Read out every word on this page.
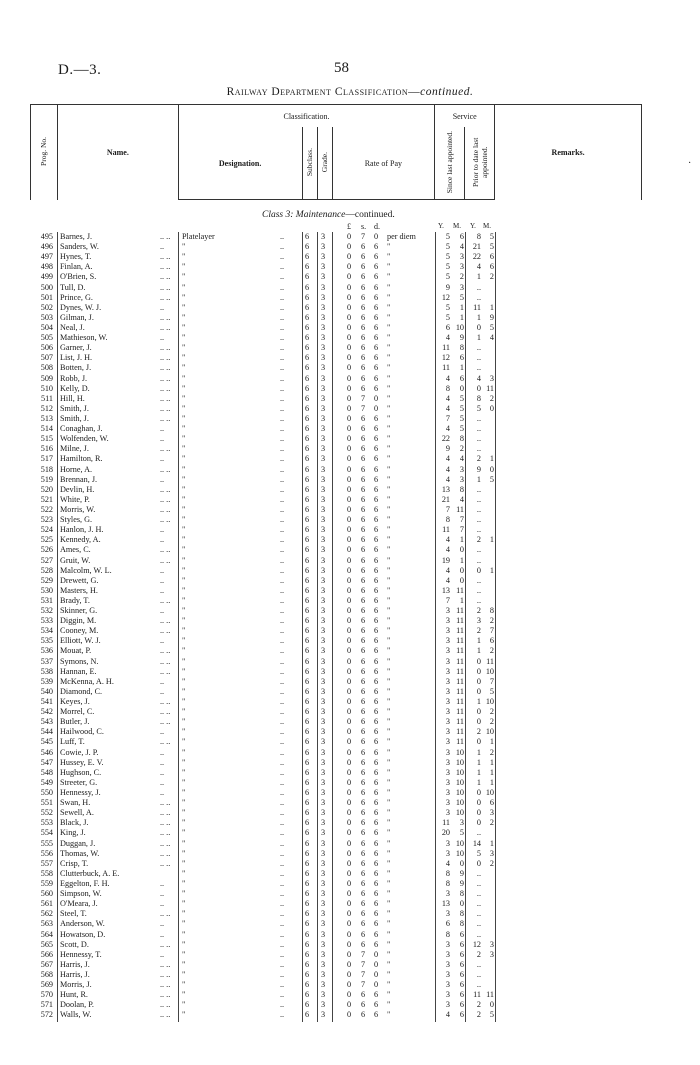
D.—3.	58
Railway Department Classification—continued.
Prog. No.	Name.	Classification.				Service		Remarks.
		Designation.	Subclass.	Grade.	Rate of Pay	Since last appointed.	Prior to date last appointed.	
Class 3: Maintenance—continued.
£ s. d.	Y. M. Y. M.
·
495 Barnes, J.	.. .. Platelayer	..	6 3	0 7 0 per diem	5	6	8	5
496 Sanders, W.	.. "	..	6 3	0 6 6 "	5	4	21	5
497 Hynes, T.	.. .. "	..	6 3	0 6 6 "	5	3	22	6
498 Finlan, A.	.. .. "	..	6 3	0 6 6 "	5	3	4	6
499 O'Brien, S.	.. .. "	..	6 3	0 6 6 "	5	2	1	2
500 Tull, D.	.. .. "	..	6 3	0 6 6 "	9	3	..
501 Prince, G.	.. .. "	..	6 3	0 6 6 "	12	5	..
502 Dynes, W. J.	.. "	..	6 3	0 6 6 "	5	1	11	1
503 Gilman, J.	.. .. "	..	6 3	0 6 6 "	5	1	1	9
504 Neal, J.	.. .. "	..	6 3	0 6 6 "	6 10	0	5
505 Mathieson, W.	.. "	..	6 3	0 6 6 "	4	9	1	4
506 Garner, J.	.. .. "	..	6 3	0 6 6 "	11	8	..
507 List, J. H.	.. .. "	..	6 3	0 6 6 "	12	6	..
508 Botten, J.	.. .. "	..	6 3	0 6 6 "	11	1	..
509 Robb, J.	.. .. "	..	6 3	0 6 6 "	4	6	4	3
510 Kelly, D.	.. .. "	..	6 3	0 6 6 "	8	0	0 11
511 Hill, H.	.. .. "	..	6 3	0 7 0 "	4	5	8	2
512 Smith, J.	.. .. "	..	6 3	0 7 0 "	4	5	5	0
513 Smith, J.	.. .. "	..	6 3	0 6 6 "	7	5	..
514 Conaghan, J.	.. "	..	6 3	0 6 6 "	4	5	..
515 Wolfenden, W.	.. "	..	6 3	0 6 6 "	22	8	..
516 Milne, J.	.. .. "	..	6 3	0 6 6 "	9	2	..
517 Hamilton, R.	.. "	..	6 3	0 6 6 "	4	4	2	1
518 Horne, A.	.. .. "	..	6 3	0 6 6 "	4	3	9	0
519 Brennan, J.	.. "	..	6 3	0 6 6 "	4	3	1	5
520 Devlin, H.	.. .. "	..	6 3	0 6 6 "	13	8	..
521 White, P.	.. .. "	..	6 3	0 6 6 "	21	4	..
522 Morris, W.	.. .. "	..	6 3	0 6 6 "	7 11	..
523 Styles, G.	.. .. "	..	6 3	0 6 6 "	8	7	..
524 Hanlon, J. H.	.. "	..	6 3	0 6 6 "	11	7	..
525 Kennedy, A.	.. "	..	6 3	0 6 6 "	4	1	2	1
526 Ames, C.	.. .. "	..	6 3	0 6 6 "	4	0	..
527 Gruit, W.	.. .. "	..	6 3	0 6 6 "	19	1	..
528 Malcolm, W. L.	.. "	..	6 3	0 6 6 "	4	0	0	1
529 Drewett, G.	.. "	..	6 3	0 6 6 "	4	0	..
530 Masters, H.	.. "	..	6 3	0 6 6 "	13 11	..
531 Brady, T.	.. .. "	..	6 3	0 6 6 "	7	1	..
532 Skinner, G.	.. "	..	6 3	0 6 6 "	3 11	2	8
533 Diggin, M.	.. .. "	..	6 3	0 6 6 "	3 11	3	2
534 Cooney, M.	.. .. "	..	6 3	0 6 6 "	3 11	2	7
535 Elliott, W. J.	.. "	..	6 3	0 6 6 "	3 11	1	6
536 Mouat, P.	.. .. "	..	6 3	0 6 6 "	3 11	1	2
537 Symons, N.	.. .. "	..	6 3	0 6 6 "	3 11	0 11
538 Hannan, E.	.. .. "	..	6 3	0 6 6 "	3 11	0 10
539 McKenna, A. H.	.. "	..	6 3	0 6 6 "	3 11	0	7
540 Diamond, C.	.. "	..	6 3	0 6 6 "	3 11	0	5
541 Keyes, J.	.. .. "	..	6 3	0 6 6 "	3 11	1 10
542 Morrel, C.	.. .. "	..	6 3	0 6 6 "	3 11	0	2
543 Butler, J.	.. .. "	..	6 3	0 6 6 "	3 11	0	2
544 Hailwood, C.	.. "	..	6 3	0 6 6 "	3 11	2 10
545 Luff, T.	.. .. "	..	6 3	0 6 6 "	3 11	0	1
546 Cowie, J. P.	.. "	..	6 3	0 6 6 "	3 10	1	2
547 Hussey, E. V.	.. "	..	6 3	0 6 6 "	3 10	1	1
548 Hughson, C.	.. "	..	6 3	0 6 6 "	3 10	1	1
549 Streeter, G.	.. "	..	6 3	0 6 6 "	3 10	1	1
550 Hennessy, J.	.. "	..	6 3	0 6 6 "	3 10	0 10
551 Swan, H.	.. .. "	..	6 3	0 6 6 "	3 10	0	6
552 Sewell, A.	.. .. "	..	6 3	0 6 6 "	3 10	0	3
553 Black, J.	.. .. "	..	6 3	0 6 6 "	11	3	0	2
554 King, J.	.. .. "	..	6 3	0 6 6 "	20	5	..
555 Duggan, J.	.. .. "	..	6 3	0 6 6 "	3 10	14	1
556 Thomas, W.	.. .. "	..	6 3	0 6 6 "	3 10	5	3
557 Crisp, T.	.. .. "	..	6 3	0 6 6 "	4	0	0	2
558 Clutterbuck, A. E.	"	..	6 3	0 6 6 "	8	9	..
559 Eggelton, F. H.	.. "	..	6 3	0 6 6 "	8	9	..
560 Simpson, W.	.. "	..	6 3	0 6 6 "	3	8	..
561 O'Meara, J.	.. "	..	6 3	0 6 6 "	13	0	..
562 Steel, T.	.. .. "	..	6 3	0 6 6 "	3	8	..
563 Anderson, W.	.. "	..	6 3	0 6 6 "	6	8	..
564 Howatson, D.	.. "	..	6 3	0 6 6 "	8	6	..
565 Scott, D.	.. .. "	..	6 3	0 6 6 "	3	6	12	3
566 Hennessy, T.	.. "	..	6 3	0 7 0 "	3	6	2	3
567 Harris, J.	.. .. "	..	6 3	0 7 0 "	3	6	..
568 Harris, J.	.. .. "	..	6 3	0 7 0 "	3	6	..
569 Morris, J.	.. .. "	..	6 3	0 7 0 "	3	6	..
570 Hunt, R.	.. .. "	..	6 3	0 6 6 "	3	6	11 11
571 Doolan, P.	.. .. "	..	6 3	0 6 6 "	3	6	2	0
572 Walls, W.	.. .. "	..	6 3	0 6 6 "	4	6	2	5
